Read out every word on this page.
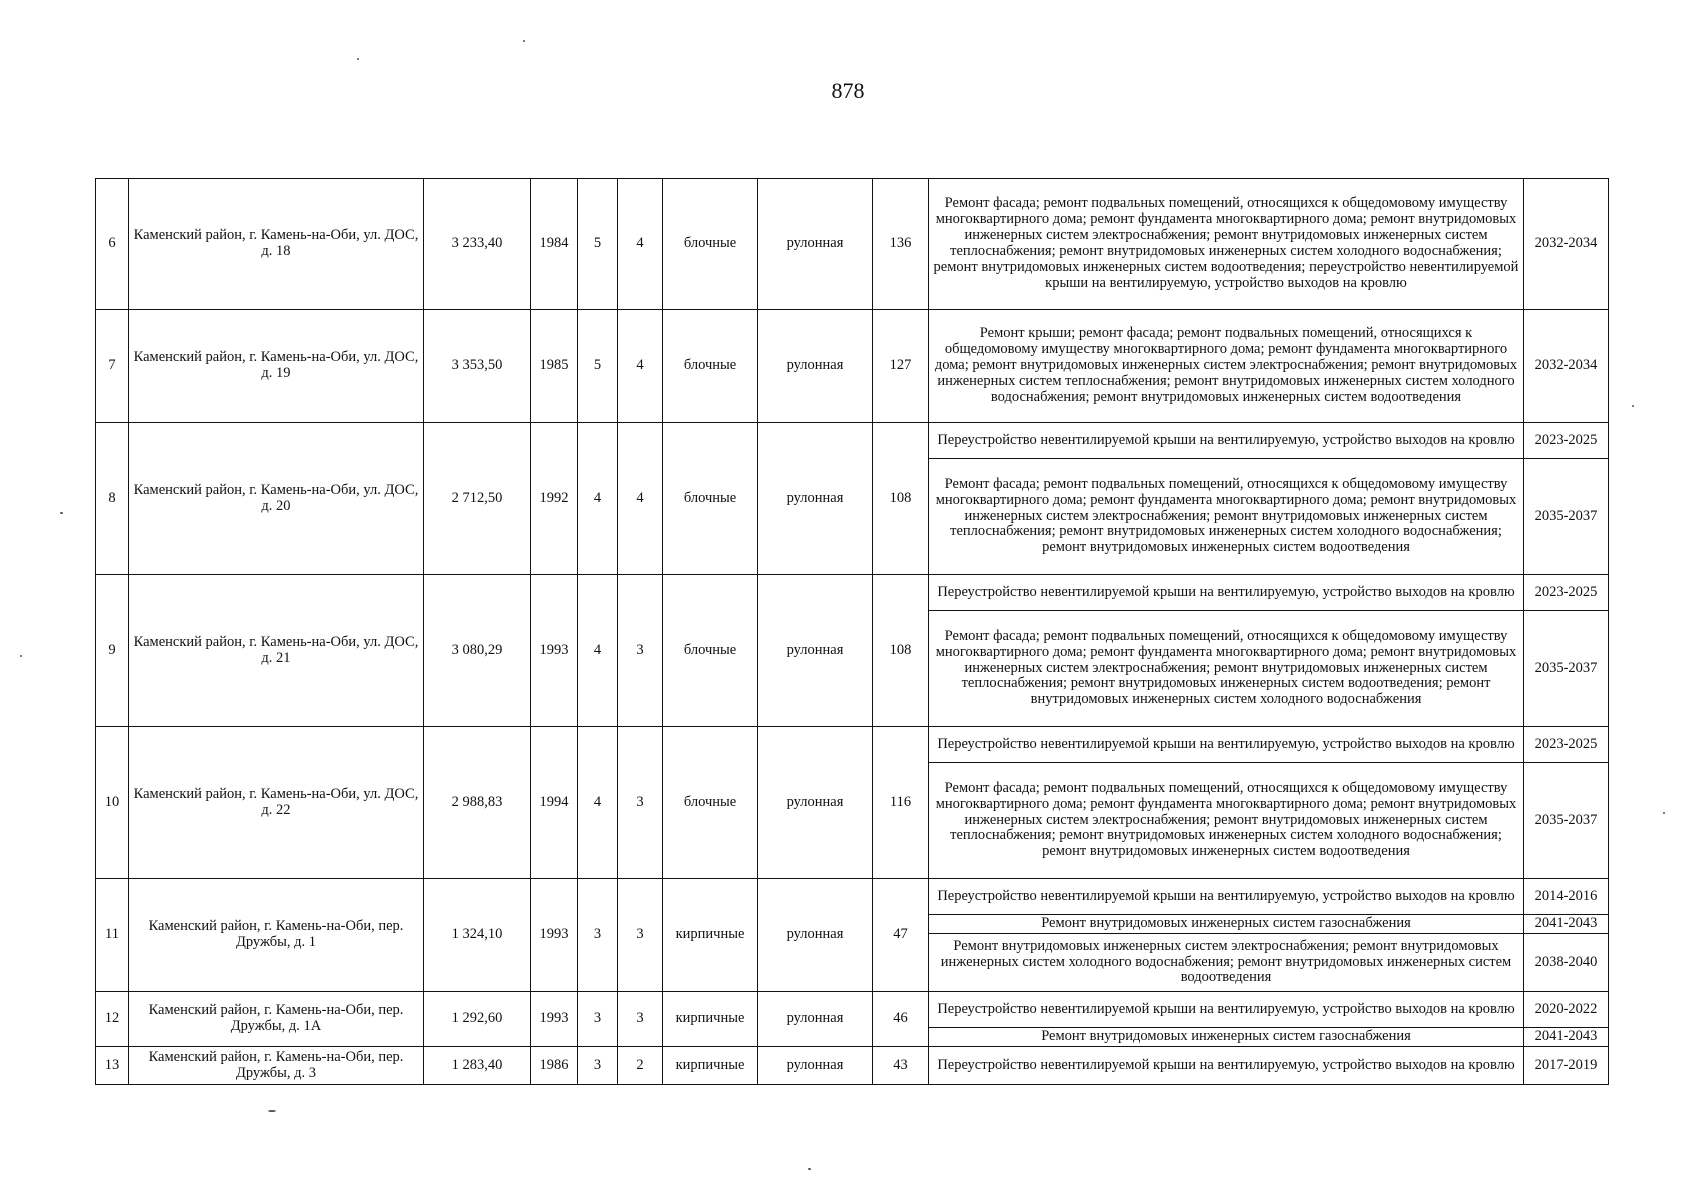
878
6	Каменский район, г. Камень-на-Оби, ул. ДОС, д. 18	3 233,40	1984	5	4	блочные	рулонная	136	Ремонт фасада; ремонт подвальных помещений, относящихся к общедомовому имуществу многоквартирного дома; ремонт фундамента многоквартирного дома; ремонт внутридомовых инженерных систем электроснабжения; ремонт внутридомовых инженерных систем теплоснабжения; ремонт внутридомовых инженерных систем холодного водоснабжения; ремонт внутридомовых инженерных систем водоотведения; переустройство невентилируемой крыши на вентилируемую, устройство выходов на кровлю	2032-2034
7	Каменский район, г. Камень-на-Оби, ул. ДОС, д. 19	3 353,50	1985	5	4	блочные	рулонная	127	Ремонт крыши; ремонт фасада; ремонт подвальных помещений, относящихся к общедомовому имуществу многоквартирного дома; ремонт фундамента многоквартирного дома; ремонт внутридомовых инженерных систем электроснабжения; ремонт внутридомовых инженерных систем теплоснабжения; ремонт внутридомовых инженерных систем холодного водоснабжения; ремонт внутридомовых инженерных систем водоотведения	2032-2034
8	Каменский район, г. Камень-на-Оби, ул. ДОС, д. 20	2 712,50	1992	4	4	блочные	рулонная	108	Переустройство невентилируемой крыши на вентилируемую, устройство выходов на кровлю	2023-2025
									Ремонт фасада; ремонт подвальных помещений, относящихся к общедомовому имуществу многоквартирного дома; ремонт фундамента многоквартирного дома; ремонт внутридомовых инженерных систем электроснабжения; ремонт внутридомовых инженерных систем теплоснабжения; ремонт внутридомовых инженерных систем холодного водоснабжения; ремонт внутридомовых инженерных систем водоотведения	2035-2037
9	Каменский район, г. Камень-на-Оби, ул. ДОС, д. 21	3 080,29	1993	4	3	блочные	рулонная	108	Переустройство невентилируемой крыши на вентилируемую, устройство выходов на кровлю	2023-2025
									Ремонт фасада; ремонт подвальных помещений, относящихся к общедомовому имуществу многоквартирного дома; ремонт фундамента многоквартирного дома; ремонт внутридомовых инженерных систем электроснабжения; ремонт внутридомовых инженерных систем теплоснабжения; ремонт внутридомовых инженерных систем водоотведения; ремонт внутридомовых инженерных систем холодного водоснабжения	2035-2037
10	Каменский район, г. Камень-на-Оби, ул. ДОС, д. 22	2 988,83	1994	4	3	блочные	рулонная	116	Переустройство невентилируемой крыши на вентилируемую, устройство выходов на кровлю	2023-2025
									Ремонт фасада; ремонт подвальных помещений, относящихся к общедомовому имуществу многоквартирного дома; ремонт фундамента многоквартирного дома; ремонт внутридомовых инженерных систем электроснабжения; ремонт внутридомовых инженерных систем теплоснабжения; ремонт внутридомовых инженерных систем холодного водоснабжения; ремонт внутридомовых инженерных систем водоотведения	2035-2037
11	Каменский район, г. Камень-на-Оби, пер. Дружбы, д. 1	1 324,10	1993	3	3	кирпичные	рулонная	47	Переустройство невентилируемой крыши на вентилируемую, устройство выходов на кровлю	2014-2016
									Ремонт внутридомовых инженерных систем газоснабжения	2041-2043
									Ремонт внутридомовых инженерных систем электроснабжения; ремонт внутридомовых инженерных систем холодного водоснабжения; ремонт внутридомовых инженерных систем водоотведения	2038-2040
12	Каменский район, г. Камень-на-Оби, пер. Дружбы, д. 1А	1 292,60	1993	3	3	кирпичные	рулонная	46	Переустройство невентилируемой крыши на вентилируемую, устройство выходов на кровлю	2020-2022
									Ремонт внутридомовых инженерных систем газоснабжения	2041-2043
13	Каменский район, г. Камень-на-Оби, пер. Дружбы, д. 3	1 283,40	1986	3	2	кирпичные	рулонная	43	Переустройство невентилируемой крыши на вентилируемую, устройство выходов на кровлю	2017-2019
